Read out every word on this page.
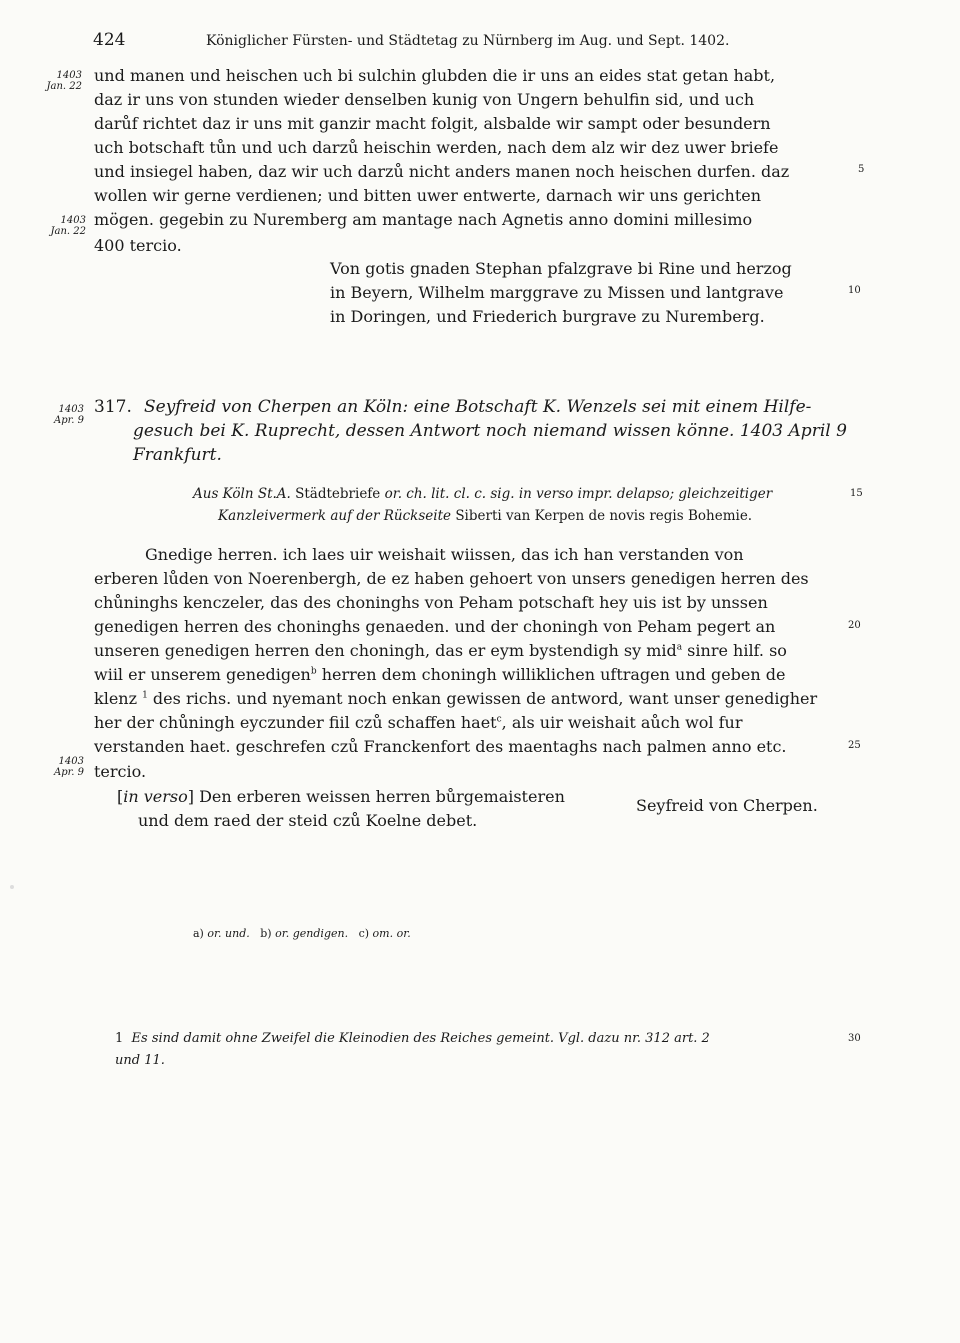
424	Königlicher Fürsten- und Städtetag zu Nürnberg im Aug. und Sept. 1402.
1403
Jan. 22
1403
Jan. 22
1403
Apr. 9
1403
Apr. 9
5
10
15
20
25
30
und manen und heischen uch bi sulchin glubden die ir uns an eides stat getan habt,
daz ir uns von stunden wieder denselben kunig von Ungern behulfin sid, und uch
darůf richtet daz ir uns mit ganzir macht folgit, alsbalde wir sampt oder besundern
uch botschaft tůn und uch darzů heischin werden, nach dem alz wir dez uwer briefe
und insiegel haben, daz wir uch darzů nicht anders manen noch heischen durfen. daz
wollen wir gerne verdienen; und bitten uwer entwerte, darnach wir uns gerichten
mögen. gegebin zu Nuremberg am mantage nach Agnetis anno domini millesimo
400 tercio.
Von gotis gnaden Stephan pfalzgrave bi Rine und herzog
in Beyern, Wilhelm marggrave zu Missen und lantgrave
in Doringen, und Friederich burgrave zu Nuremberg.
317. Seyfreid von Cherpen an Köln: eine Botschaft K. Wenzels sei mit einem Hilfe-
gesuch bei K. Ruprecht, dessen Antwort noch niemand wissen könne. 1403 April 9
Frankfurt.
Aus Köln St.A. Städtebriefe or. ch. lit. cl. c. sig. in verso impr. delapso; gleichzeitiger
Kanzleivermerk auf der Rückseite Siberti van Kerpen de novis regis Bohemie.
Gnedige herren. ich laes uir weishait wiissen, das ich han verstanden von
erberen lůden von Noerenbergh, de ez haben gehoert von unsers genedigen herren des
chůninghs kenczeler, das des choninghs von Peham potschaft hey uis ist by unssen
genedigen herren des choninghs genaeden. und der choningh von Peham pegert an
unseren genedigen herren den choningh, das er eym bystendigh sy mid$^a$ sinre hilf. so
wiil er unserem genedigen$^b$ herren dem choningh williklichen uftragen und geben de
klenz $^1$ des richs. und nyemant noch enkan gewissen de antword, want unser genedigher
her der chůningh eyczunder fiil czů schaffen haet$^c$, als uir weishait aůch wol fur
verstanden haet. geschrefen czů Franckenfort des maentaghs nach palmen anno etc.
tercio.
[in verso] Den erberen weissen herren bůrgemaisteren
und dem raed der steid czů Koelne debet.
Seyfreid von Cherpen.
a) or. und. b) or. gendigen. c) om. or.
1 Es sind damit ohne Zweifel die Kleinodien des Reiches gemeint. Vgl. dazu nr. 312 art. 2
und 11.
